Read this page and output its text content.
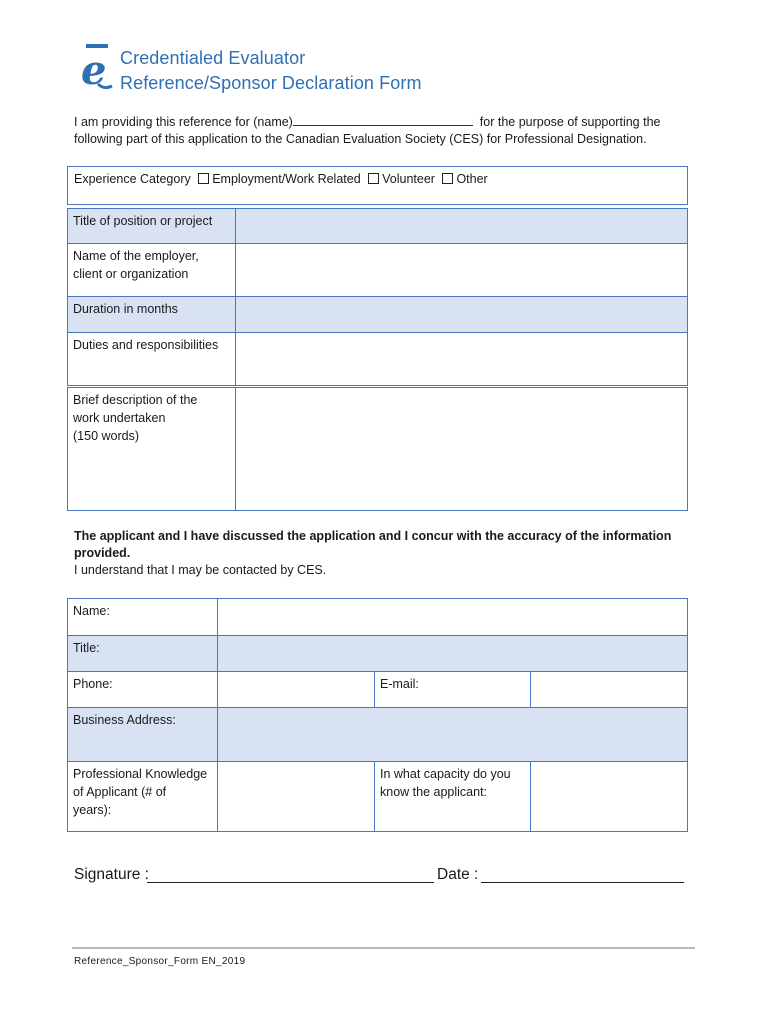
e Credentialed Evaluator
Reference/Sponsor Declaration Form
I am providing this reference for (name)	for the purpose of supporting the
following part of this application to the Canadian Evaluation Society (CES) for Professional Designation.
Experience Category Employment/Work Related Volunteer Other
Title of position or project
Name of the employer,
client or organization
Duration in months
Duties and responsibilities
Brief description of the
work undertaken
(150 words)
The applicant and I have discussed the application and I concur with the accuracy of the information
provided.
I understand that I may be contacted by CES.
Name:
Title:
Phone:	E-mail:
Business Address:
Professional Knowledge
of Applicant (# of
years):
In what capacity do you
know the applicant:
Signature :	Date :
Reference_Sponsor_Form EN_2019
